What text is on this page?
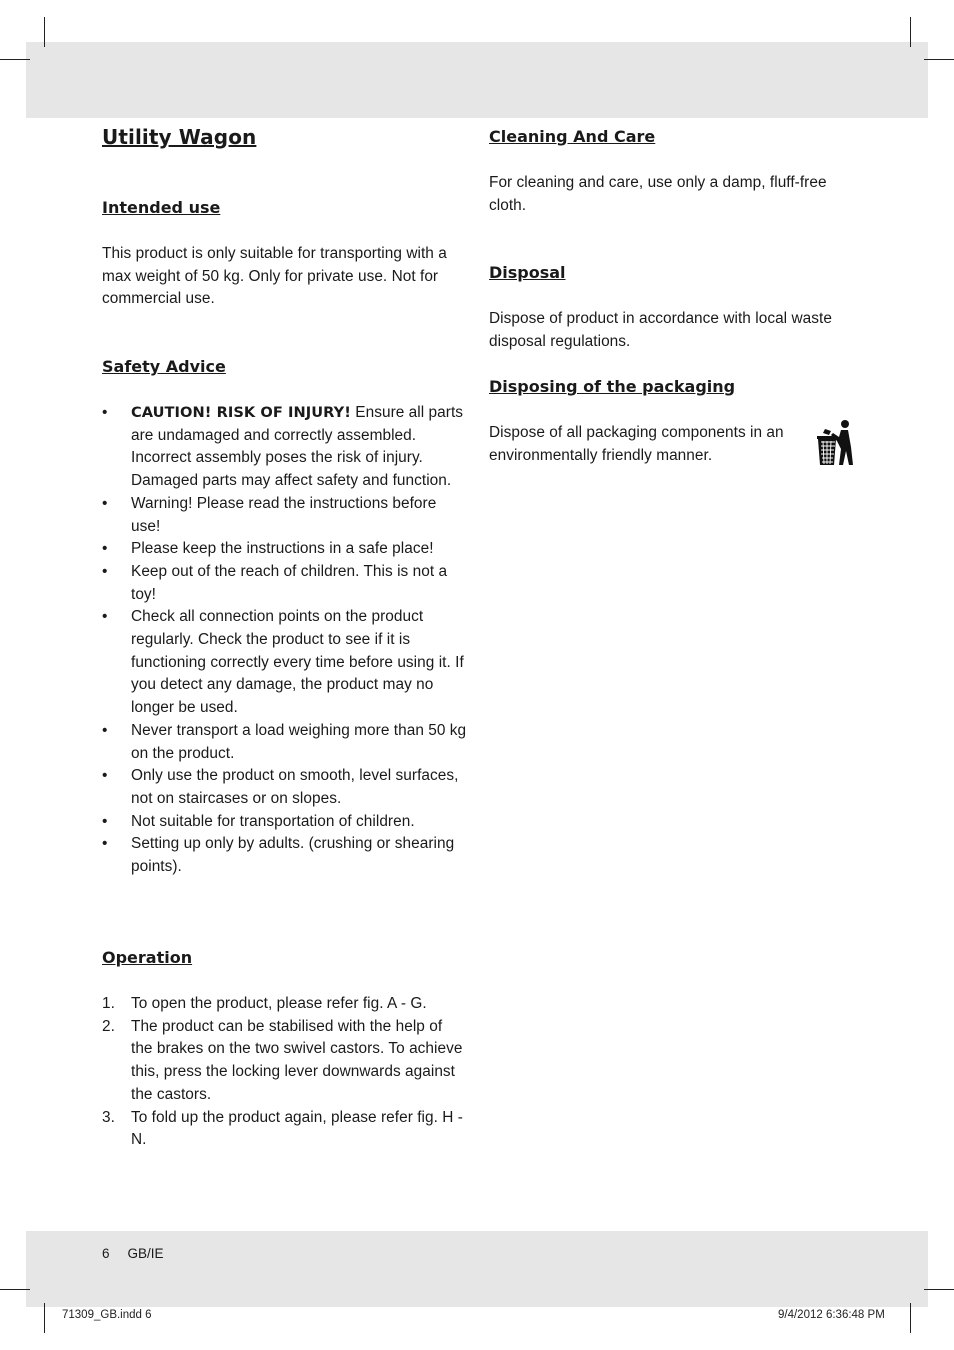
Utility Wagon
Intended use

This product is only suitable for transporting with a max weight of 50 kg. Only for private use. Not for commercial use.

Safety Advice
• CAUTION! RISK OF INJURY! Ensure all parts are undamaged and correctly assembled. Incorrect assembly poses the risk of injury. Damaged parts may affect safety and function.
• Warning! Please read the instructions before use!
• Please keep the instructions in a safe place!
• Keep out of the reach of children. This is not a toy!
• Check all connection points on the product regularly. Check the product to see if it is functioning correctly every time before using it. If you detect any damage, the product may no longer be used.
• Never transport a load weighing more than 50 kg on the product.
• Only use the product on smooth, level surfaces, not on staircases or on slopes.
• Not suitable for transportation of children.
• Setting up only by adults. (crushing or shearing points).
Operation
1. To open the product, please refer fig. A - G.
2. The product can be stabilised with the help of the brakes on the two swivel castors. To achieve this, press the locking lever downwards against the castors.
3. To fold up the product again, please refer fig. H - N.
Cleaning And Care

For cleaning and care, use only a damp, fluff-free cloth.

Disposal

Dispose of product in accordance with local waste disposal regulations.

Disposing of the packaging

Dispose of all packaging components in an environmentally friendly manner.

6 GB/IE
71309_GB.indd 6	9/4/2012 6:36:48 PM
